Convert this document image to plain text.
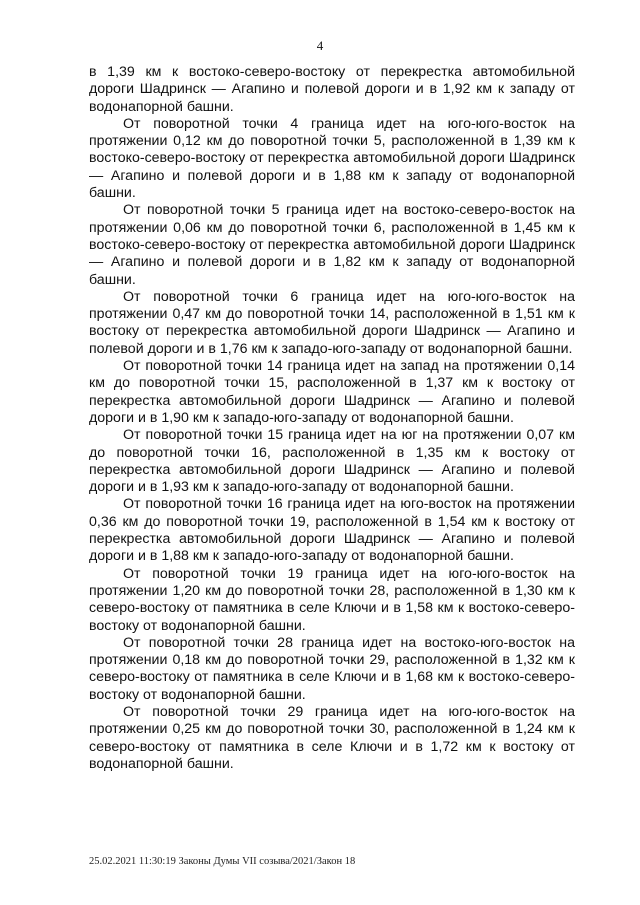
4

в 1,39 км к востоко-северо-востоку от перекрестка автомобильной дороги Шадринск — Агапино и полевой дороги и в 1,92 км к западу от водонапорной башни.

От поворотной точки 4 граница идет на юго-юго-восток на протяжении 0,12 км до поворотной точки 5, расположенной в 1,39 км к востоко-северо-востоку от перекрестка автомобильной дороги Шадринск — Агапино и полевой дороги и в 1,88 км к западу от водонапорной башни.

От поворотной точки 5 граница идет на востоко-северо-восток на протяжении 0,06 км до поворотной точки 6, расположенной в 1,45 км к востоко-северо-востоку от перекрестка автомобильной дороги Шадринск — Агапино и полевой дороги и в 1,82 км к западу от водонапорной башни.

От поворотной точки 6 граница идет на юго-юго-восток на протяжении 0,47 км до поворотной точки 14, расположенной в 1,51 км к востоку от перекрестка автомобильной дороги Шадринск — Агапино и полевой дороги и в 1,76 км к западо-юго-западу от водонапорной башни.

От поворотной точки 14 граница идет на запад на протяжении 0,14 км до поворотной точки 15, расположенной в 1,37 км к востоку от перекрестка автомобильной дороги Шадринск — Агапино и полевой дороги и в 1,90 км к западо-юго-западу от водонапорной башни.

От поворотной точки 15 граница идет на юг на протяжении 0,07 км до поворотной точки 16, расположенной в 1,35 км к востоку от перекрестка автомобильной дороги Шадринск — Агапино и полевой дороги и в 1,93 км к западо-юго-западу от водонапорной башни.

От поворотной точки 16 граница идет на юго-восток на протяжении 0,36 км до поворотной точки 19, расположенной в 1,54 км к востоку от перекрестка автомобильной дороги Шадринск — Агапино и полевой дороги и в 1,88 км к западо-юго-западу от водонапорной башни.

От поворотной точки 19 граница идет на юго-юго-восток на протяжении 1,20 км до поворотной точки 28, расположенной в 1,30 км к северо-востоку от памятника в селе Ключи и в 1,58 км к востоко-северо-востоку от водонапорной башни.

От поворотной точки 28 граница идет на востоко-юго-восток на протяжении 0,18 км до поворотной точки 29, расположенной в 1,32 км к северо-востоку от памятника в селе Ключи и в 1,68 км к востоко-северо-востоку от водонапорной башни.

От поворотной точки 29 граница идет на юго-юго-восток на протяжении 0,25 км до поворотной точки 30, расположенной в 1,24 км к северо-востоку от памятника в селе Ключи и в 1,72 км к востоку от водонапорной башни.

25.02.2021 11:30:19 Законы Думы VII созыва/2021/Закон 18
